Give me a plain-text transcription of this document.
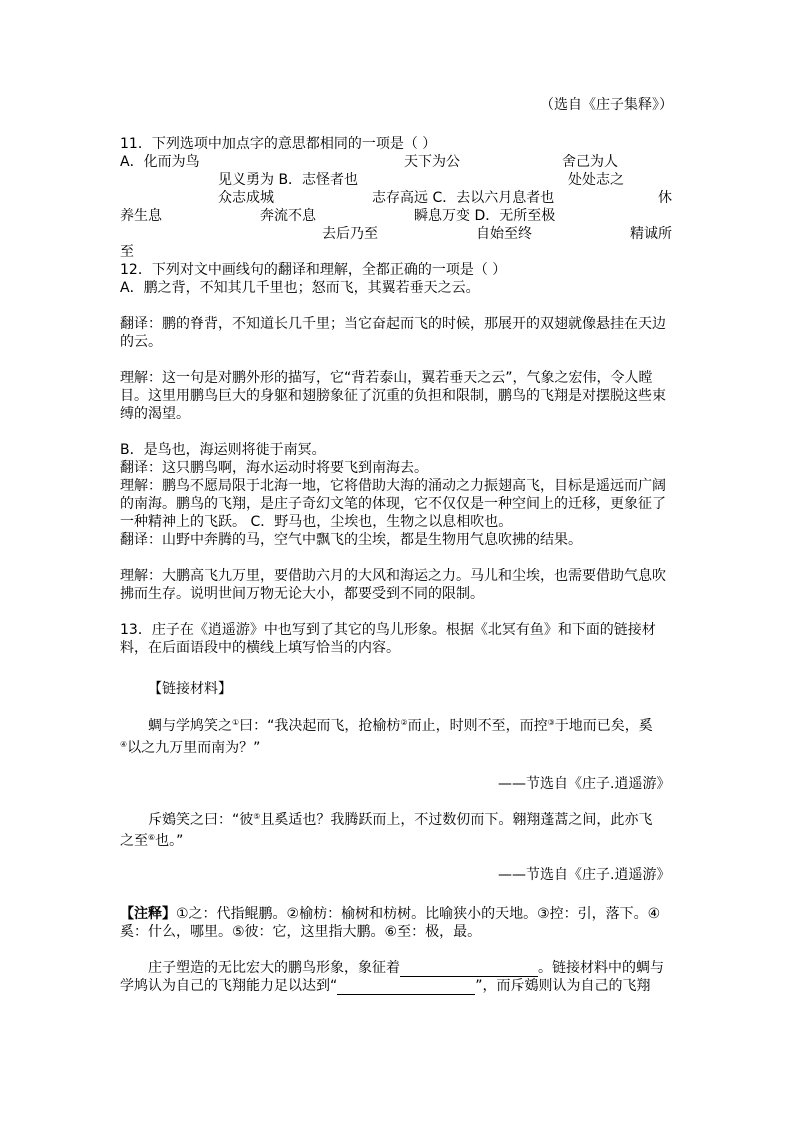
（选自《庄子集释》）
11．下列选项中加点字的意思都相同的一项是（ ）
A．化而为鸟	天下为公	舍己为人
见义勇为 B．志怪者也	处处志之
众志成城	志存高远 C．去以六月息者也	休
养生息	奔流不息	瞬息万变 D．无所至极
去后乃至	自始至终	精诚所
至
12．下列对文中画线句的翻译和理解，全都正确的一项是（ ）
A．鹏之背，不知其几千里也；怒而飞，其翼若垂天之云。
翻译：鹏的脊背，不知道长几千里；当它奋起而飞的时候，那展开的双翅就像悬挂在天边
的云。
理解：这一句是对鹏外形的描写，它“背若泰山，翼若垂天之云”，气象之宏伟，令人瞠
目。这里用鹏鸟巨大的身躯和翅膀象征了沉重的负担和限制，鹏鸟的飞翔是对摆脱这些束
缚的渴望。
B．是鸟也，海运则将徙于南冥。
翻译：这只鹏鸟啊，海水运动时将要飞到南海去。
理解：鹏鸟不愿局限于北海一地，它将借助大海的涌动之力振翅高飞，目标是遥远而广阔
的南海。鹏鸟的飞翔，是庄子奇幻文笔的体现，它不仅仅是一种空间上的迁移，更象征了
一种精神上的飞跃。 C．野马也，尘埃也，生物之以息相吹也。
翻译：山野中奔腾的马，空气中飘飞的尘埃，都是生物用气息吹拂的结果。
理解：大鹏高飞九万里，要借助六月的大风和海运之力。马儿和尘埃，也需要借助气息吹
拂而生存。说明世间万物无论大小，都要受到不同的限制。
13．庄子在《逍遥游》中也写到了其它的鸟儿形象。根据《北冥有鱼》和下面的链接材
料，在后面语段中的横线上填写恰当的内容。
【链接材料】
蜩与学鸠笑之①曰：“我决起而飞，抢榆枋②而止，时则不至，而控③于地而已矣，奚
④以之九万里而南为？”
——节选自《庄子.逍遥游》
斥鴳笑之曰：“彼⑤且奚适也？我腾跃而上，不过数仞而下。翱翔蓬蒿之间，此亦飞
之至⑥也。”
——节选自《庄子.逍遥游》
【注释】①之：代指鲲鹏。②榆枋：榆树和枋树。比喻狭小的天地。③控：引，落下。④
奚：什么，哪里。⑤彼：它，这里指大鹏。⑥至：极，最。
庄子塑造的无比宏大的鹏鸟形象，象征着	。链接材料中的蜩与
学鸠认为自己的飞翔能力足以达到“	”，而斥鴳则认为自己的飞翔
